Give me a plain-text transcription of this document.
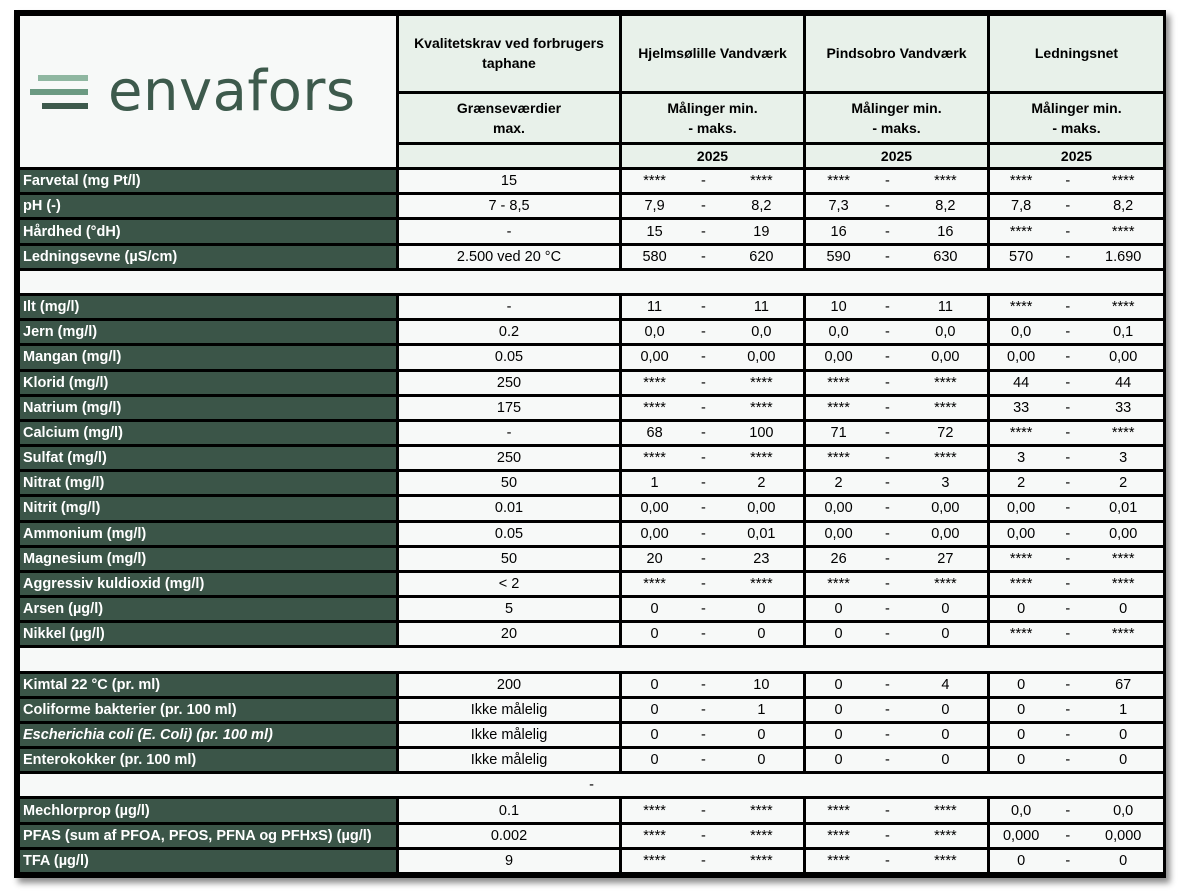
envafors	Kvalitetskrav ved forbrugers taphane	Hjelmsølille Vandværk	Pindsobro Vandværk	Ledningsnet
	Grænseværdier max.	Målinger min. - maks.	Målinger min. - maks.	Målinger min. - maks.
		2025	2025	2025
Farvetal (mg Pt/l)	15	**** - ****	**** - ****	**** - ****

pH (-)	7 - 8,5	7,9 - 8,2	7,3 - 8,2	7,8 - 8,2

Hårdhed (°dH)	-	15 - 19	16 - 16	**** - ****

Ledningsevne (µS/cm)	2.500 ved 20 °C	580 - 620	590 - 630	570 - 1.690

Ilt (mg/l)	-	11 - 11	10 - 11	**** - ****

Jern (mg/l)	0.2	0,0 - 0,0	0,0 - 0,0	0,0 - 0,1

Mangan (mg/l)	0.05	0,00 - 0,00	0,00 - 0,00	0,00 - 0,00

Klorid (mg/l)	250	**** - ****	**** - ****	44 - 44

Natrium (mg/l)	175	**** - ****	**** - ****	33 - 33

Calcium (mg/l)	-	68 - 100	71 - 72	**** - ****

Sulfat (mg/l)	250	**** - ****	**** - ****	3 - 3

Nitrat (mg/l)	50	1 - 2	2 - 3	2 - 2

Nitrit (mg/l)	0.01	0,00 - 0,00	0,00 - 0,00	0,00 - 0,01

Ammonium (mg/l)	0.05	0,00 - 0,01	0,00 - 0,00	0,00 - 0,00

Magnesium (mg/l)	50	20 - 23	26 - 27	**** - ****

Aggressiv kuldioxid (mg/l)	< 2	**** - ****	**** - ****	**** - ****

Arsen (µg/l)	5	0 - 0	0 - 0	0 - 0

Nikkel (µg/l)	20	0 - 0	0 - 0	**** - ****

Kimtal 22 °C (pr. ml)	200	0 - 10	0 - 4	0 - 67

Coliforme bakterier (pr. 100 ml)	Ikke målelig	0 - 1	0 - 0	0 - 1

Escherichia coli (E. Coli) (pr. 100 ml)	Ikke målelig	0 - 0	0 - 0	0 - 0

Enterokokker (pr. 100 ml)	Ikke målelig	0 - 0	0 - 0	0 - 0

-				
Mechlorprop (µg/l)	0.1	**** - ****	**** - ****	0,0 - 0,0

PFAS (sum af PFOA, PFOS, PFNA og PFHxS) (µg/l)	0.002	**** - ****	**** - ****	0,000 - 0,000

TFA (µg/l)	9	**** - ****	**** - ****	0 - 0
